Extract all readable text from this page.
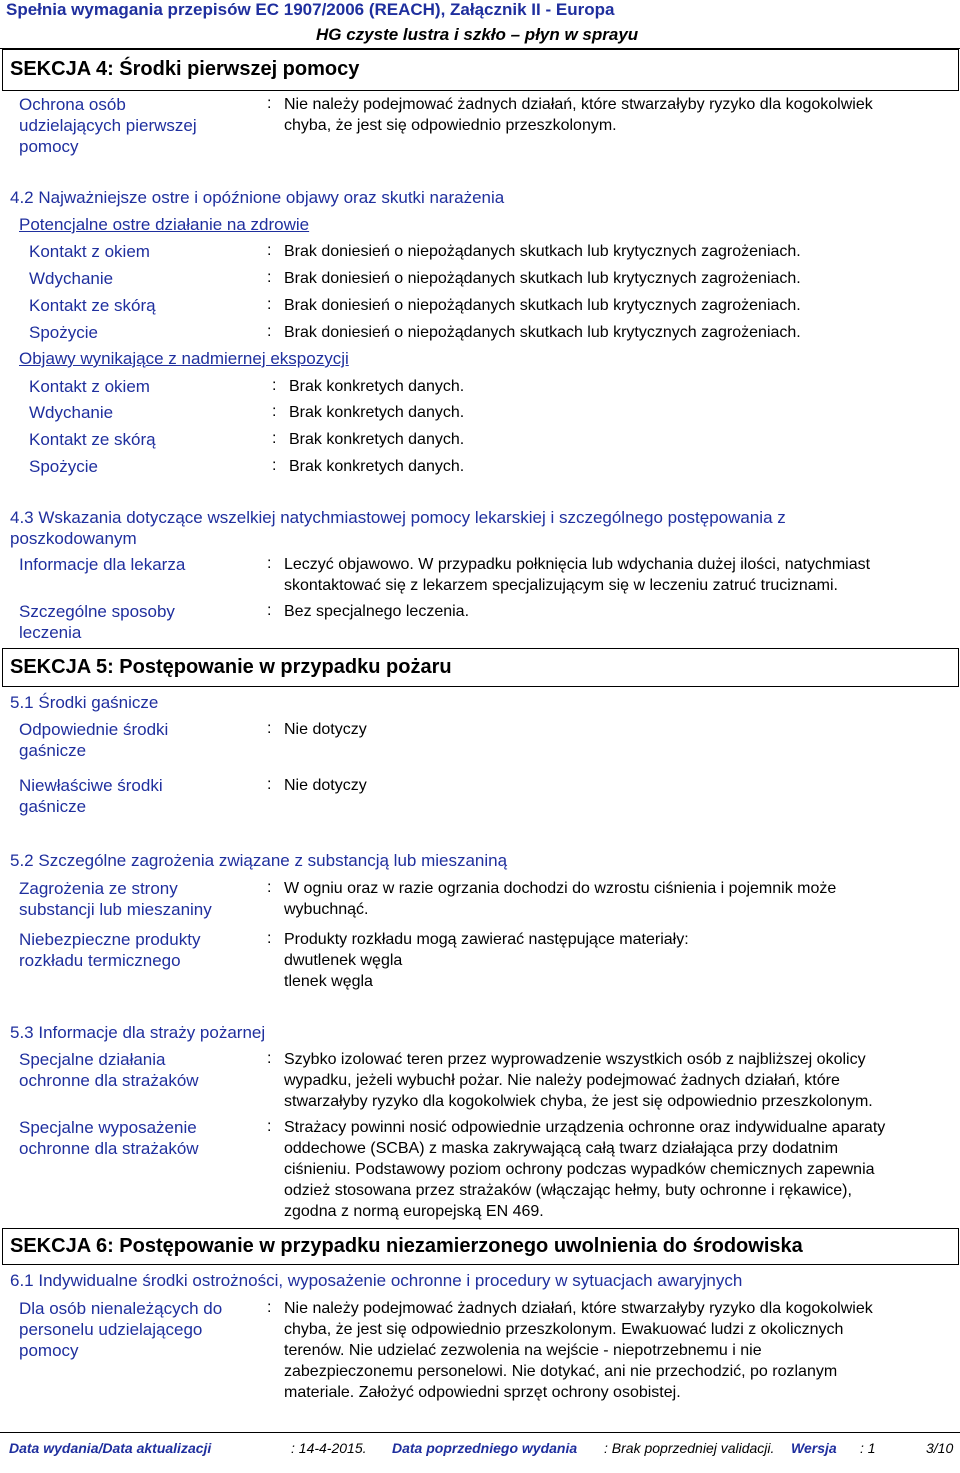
Spełnia wymagania przepisów EC 1907/2006 (REACH), Załącznik II - Europa
HG czyste lustra i szkło – płyn w sprayu
SEKCJA 4: Środki pierwszej pomocy
Ochrona osób
udzielających pierwszej
pomocy
: Nie należy podejmować żadnych działań, które stwarzałyby ryzyko dla kogokolwiek
chyba, że jest się odpowiednio przeszkolonym.
4.2 Najważniejsze ostre i opóźnione objawy oraz skutki narażenia
Potencjalne ostre działanie na zdrowie
Kontakt z okiem	: Brak doniesień o niepożądanych skutkach lub krytycznych zagrożeniach.
Wdychanie	: Brak doniesień o niepożądanych skutkach lub krytycznych zagrożeniach.
Kontakt ze skórą	: Brak doniesień o niepożądanych skutkach lub krytycznych zagrożeniach.
Spożycie	: Brak doniesień o niepożądanych skutkach lub krytycznych zagrożeniach.
Objawy wynikające z nadmiernej ekspozycji
Kontakt z okiem	: Brak konkretych danych.
Wdychanie	: Brak konkretych danych.
Kontakt ze skórą	: Brak konkretych danych.
Spożycie	: Brak konkretych danych.
4.3 Wskazania dotyczące wszelkiej natychmiastowej pomocy lekarskiej i szczególnego postępowania z
poszkodowanym
Informacje dla lekarza	: Leczyć objawowo. W przypadku połknięcia lub wdychania dużej ilości, natychmiast
skontaktować się z lekarzem specjalizującym się w leczeniu zatruć truciznami.
Szczególne sposoby
leczenia
: Bez specjalnego leczenia.
SEKCJA 5: Postępowanie w przypadku pożaru
5.1 Środki gaśnicze
Odpowiednie środki
gaśnicze
: Nie dotyczy
Niewłaściwe środki
gaśnicze
: Nie dotyczy
5.2 Szczególne zagrożenia związane z substancją lub mieszaniną
Zagrożenia ze strony
substancji lub mieszaniny
: W ogniu oraz w razie ogrzania dochodzi do wzrostu ciśnienia i pojemnik może
wybuchnąć.
Niebezpieczne produkty
rozkładu termicznego
: Produkty rozkładu mogą zawierać następujące materiały:
dwutlenek węgla
tlenek węgla
5.3 Informacje dla straży pożarnej
Specjalne działania
ochronne dla strażaków
: Szybko izolować teren przez wyprowadzenie wszystkich osób z najbliższej okolicy
wypadku, jeżeli wybuchł pożar. Nie należy podejmować żadnych działań, które
stwarzałyby ryzyko dla kogokolwiek chyba, że jest się odpowiednio przeszkolonym.
Specjalne wyposażenie
ochronne dla strażaków
: Strażacy powinni nosić odpowiednie urządzenia ochronne oraz indywidualne aparaty
oddechowe (SCBA) z maska zakrywającą całą twarz działająca przy dodatnim
ciśnieniu. Podstawowy poziom ochrony podczas wypadków chemicznych zapewnia
odzież stosowana przez strażaków (włączając hełmy, buty ochronne i rękawice),
zgodna z normą europejską EN 469.
SEKCJA 6: Postępowanie w przypadku niezamierzonego uwolnienia do środowiska
6.1 Indywidualne środki ostrożności, wyposażenie ochronne i procedury w sytuacjach awaryjnych
Dla osób nienależących do
personelu udzielającego
pomocy
: Nie należy podejmować żadnych działań, które stwarzałyby ryzyko dla kogokolwiek
chyba, że jest się odpowiednio przeszkolonym. Ewakuować ludzi z okolicznych
terenów. Nie udzielać zezwolenia na wejście - niepotrzebnemu i nie
zabezpieczonemu personelowi. Nie dotykać, ani nie przechodzić, po rozlanym
materiale. Założyć odpowiedni sprzęt ochrony osobistej.
Data wydania/Data aktualizacji	: 14-4-2015. Data poprzedniego wydania : Brak poprzedniej validacji. Wersja : 1	3/10
